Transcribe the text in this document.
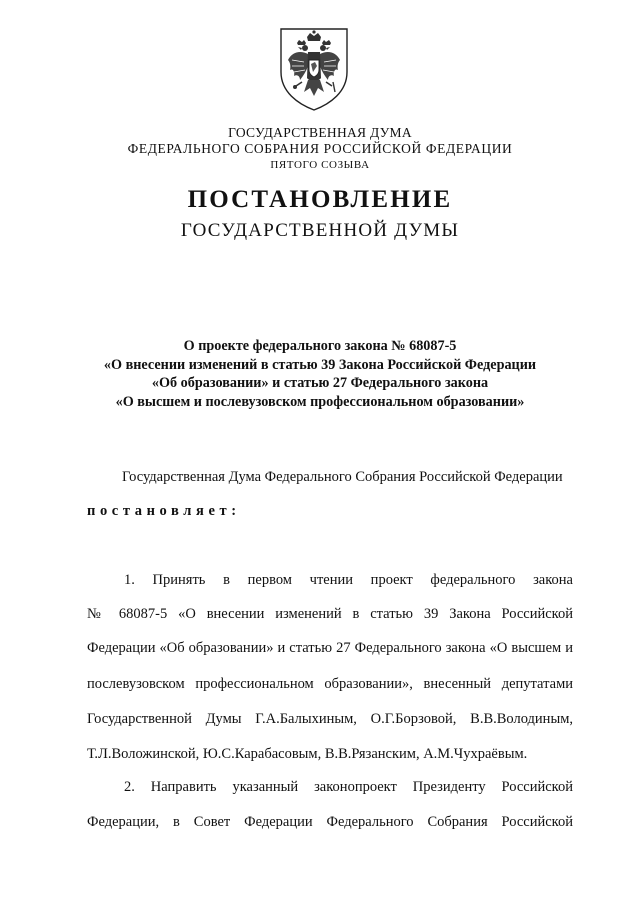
ГОСУДАРСТВЕННАЯ ДУМА
ФЕДЕРАЛЬНОГО СОБРАНИЯ РОССИЙСКОЙ ФЕДЕРАЦИИ
ПЯТОГО СОЗЫВА
ПОСТАНОВЛЕНИЕ
ГОСУДАРСТВЕННОЙ ДУМЫ
О проекте федерального закона № 68087-5
«О внесении изменений в статью 39 Закона Российской Федерации
«Об образовании» и статью 27 Федерального закона
«О высшем и послевузовском профессиональном образовании»
Государственная Дума Федерального Собрания Российской Федерации
постановляет:
1. Принять в первом чтении проект федерального закона
№ 68087-5 «О внесении изменений в статью 39 Закона Российской
Федерации «Об образовании» и статью 27 Федерального закона «О высшем и
послевузовском профессиональном образовании», внесенный депутатами
Государственной Думы Г.А.Балыхиным, О.Г.Борзовой, В.В.Володиным,
Т.Л.Воложинской, Ю.С.Карабасовым, В.В.Рязанским, А.М.Чухраёвым.
2. Направить указанный законопроект Президенту Российской
Федерации, в Совет Федерации Федерального Собрания Российской
